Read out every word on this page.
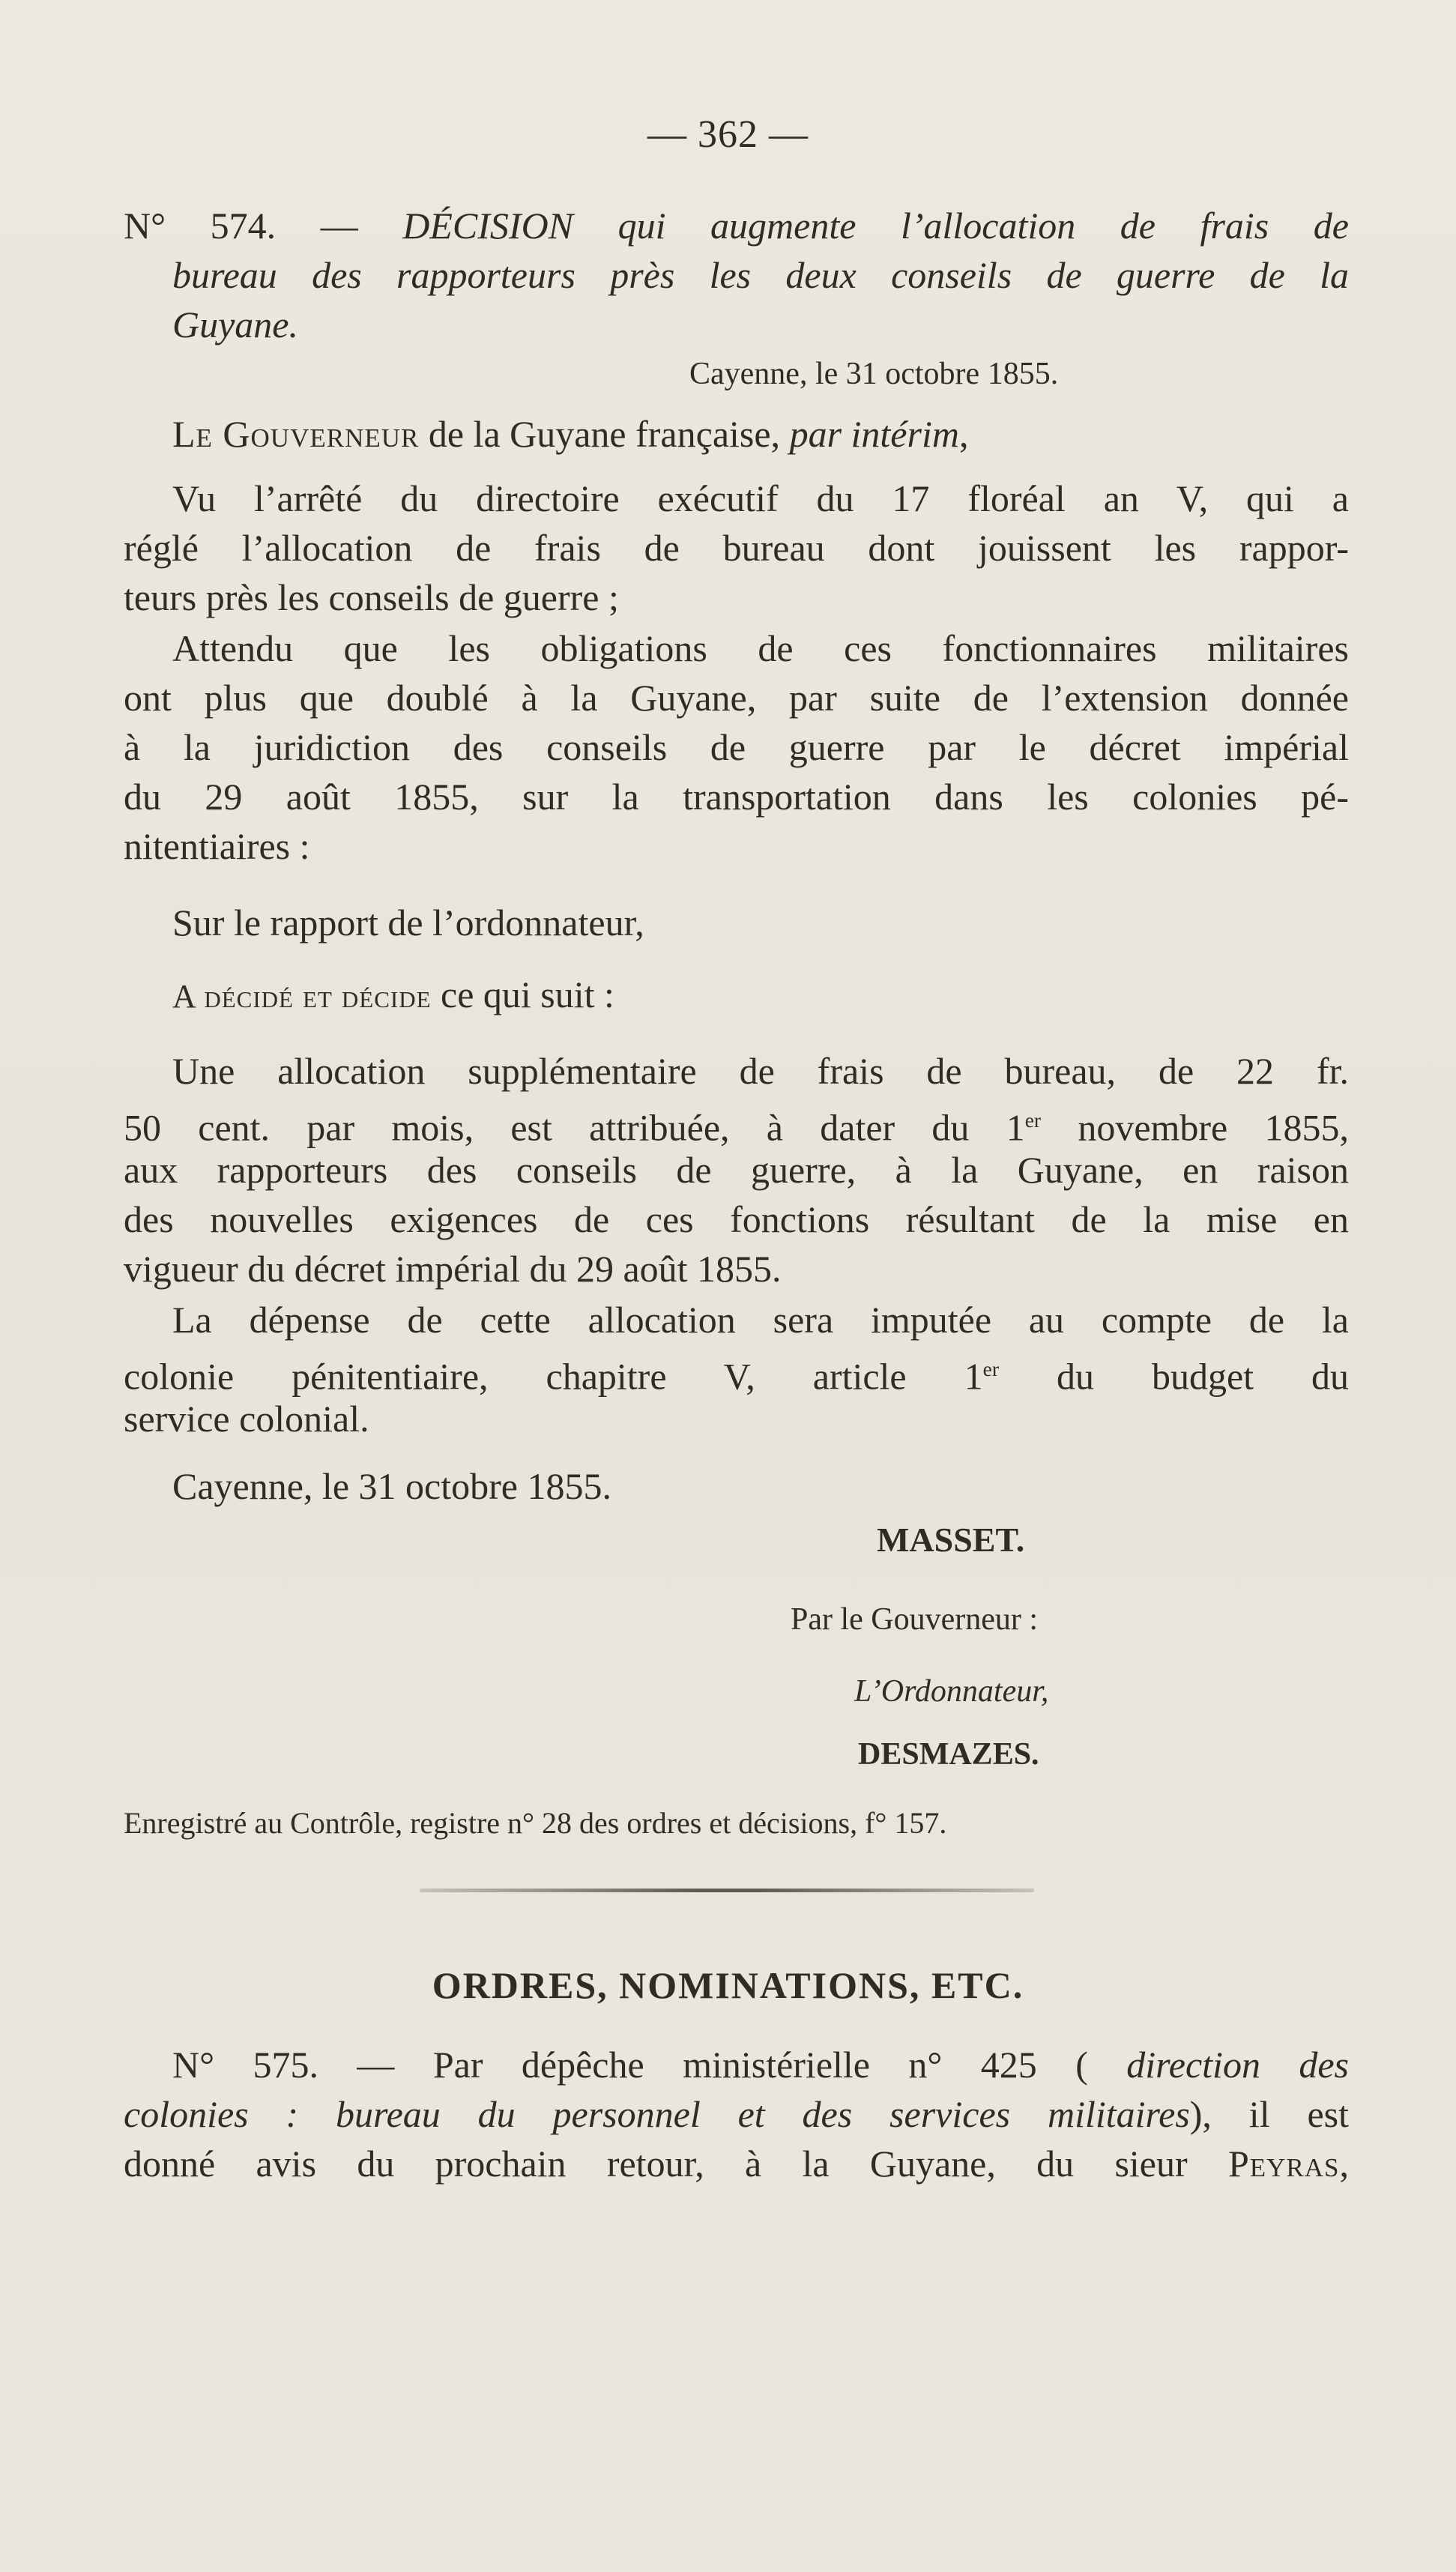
— 362 —
N° 574. — DÉCISION qui augmente l’allocation de frais de
bureau des rapporteurs près les deux conseils de guerre de la
Guyane.
Cayenne, le 31 octobre 1855.
Le Gouverneur de la Guyane française, par intérim,
Vu l’arrêté du directoire exécutif du 17 floréal an V, qui a
réglé l’allocation de frais de bureau dont jouissent les rappor-
teurs près les conseils de guerre ;
Attendu que les obligations de ces fonctionnaires militaires
ont plus que doublé à la Guyane, par suite de l’extension donnée
à la juridiction des conseils de guerre par le décret impérial
du 29 août 1855, sur la transportation dans les colonies pé-
nitentiaires :
Sur le rapport de l’ordonnateur,
A décidé et décide ce qui suit :
Une allocation supplémentaire de frais de bureau, de 22 fr.
50 cent. par mois, est attribuée, à dater du 1er novembre 1855,
aux rapporteurs des conseils de guerre, à la Guyane, en raison
des nouvelles exigences de ces fonctions résultant de la mise en
vigueur du décret impérial du 29 août 1855.
La dépense de cette allocation sera imputée au compte de la
colonie pénitentiaire, chapitre V, article 1er du budget du
service colonial.
Cayenne, le 31 octobre 1855.
MASSET.
Par le Gouverneur :
L’Ordonnateur,
DESMAZES.
Enregistré au Contrôle, registre n° 28 des ordres et décisions, f° 157.
ORDRES, NOMINATIONS, ETC.
N° 575. — Par dépêche ministérielle n° 425 ( direction des
colonies : bureau du personnel et des services militaires), il est
donné avis du prochain retour, à la Guyane, du sieur Peyras,
